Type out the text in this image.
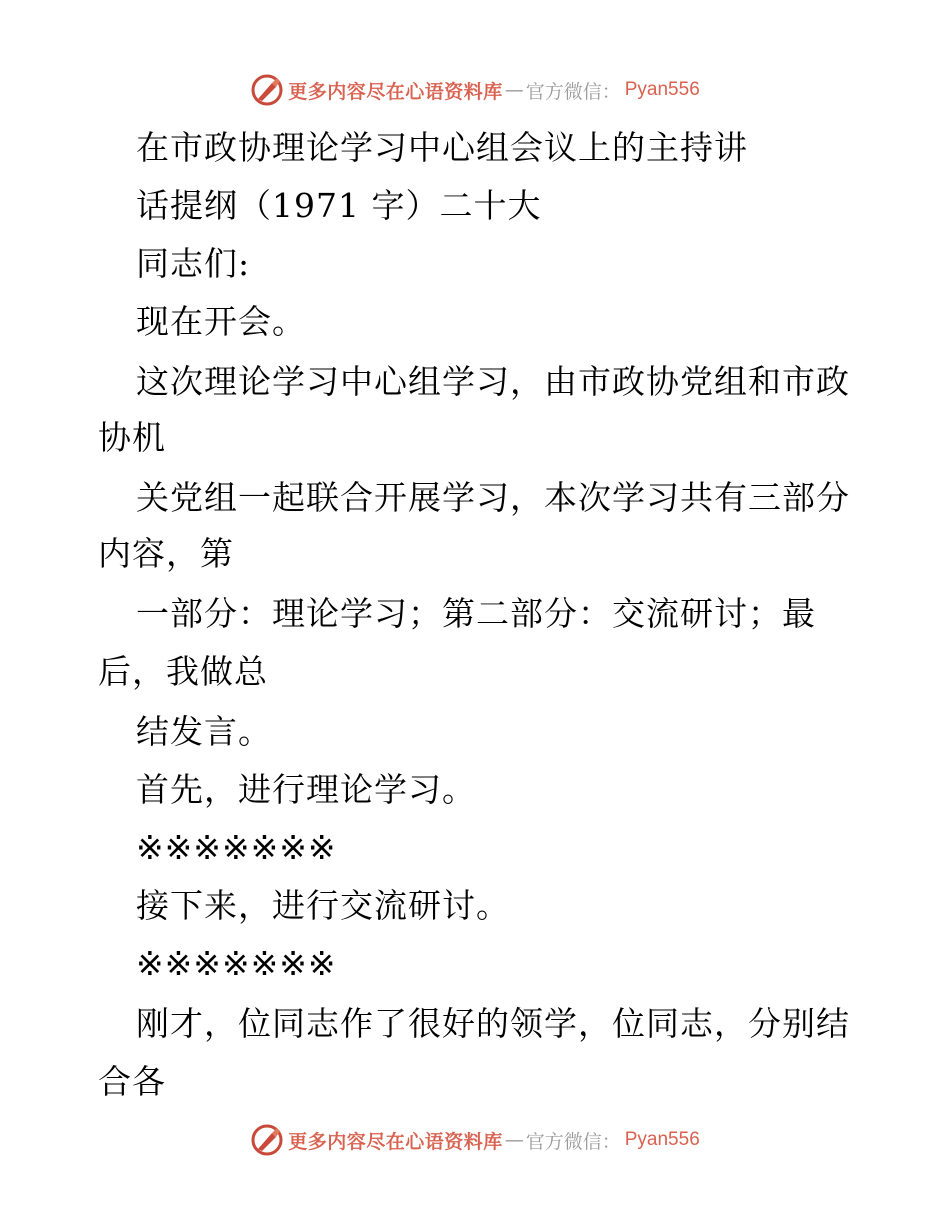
更多内容尽在心语资料库 — 官方微信： Pyan556
在市政协理论学习中心组会议上的主持讲
话提纲（1971 字）二十大
同志们:
现在开会。
这次理论学习中心组学习，由市政协党组和市政
协机
关党组一起联合开展学习，本次学习共有三部分
内容，第
一部分：理论学习；第二部分：交流研讨；最
后，我做总
结发言。
首先，进行理论学习。
※※※※※※※
接下来，进行交流研讨。
※※※※※※※
刚才，位同志作了很好的领学，位同志，分别结
合各
更多内容尽在心语资料库 — 官方微信： Pyan556
